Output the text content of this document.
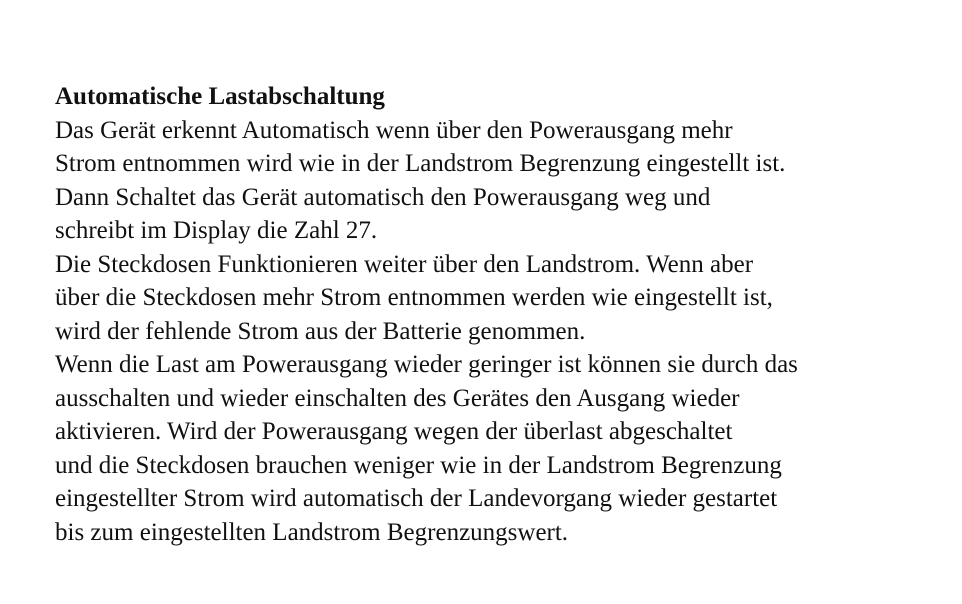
Automatische Lastabschaltung
Das Gerät erkennt Automatisch wenn über den Powerausgang mehr
Strom entnommen wird wie in der Landstrom Begrenzung eingestellt ist.
Dann Schaltet das Gerät automatisch den Powerausgang weg und
schreibt im Display die Zahl 27.
Die Steckdosen Funktionieren weiter über den Landstrom. Wenn aber
über die Steckdosen mehr Strom entnommen werden wie eingestellt ist,
wird der fehlende Strom aus der Batterie genommen.
Wenn die Last am Powerausgang wieder geringer ist können sie durch das
ausschalten und wieder einschalten des Gerätes den Ausgang wieder
aktivieren. Wird der Powerausgang wegen der überlast abgeschaltet
und die Steckdosen brauchen weniger wie in der Landstrom Begrenzung
eingestellter Strom wird automatisch der Landevorgang wieder gestartet
bis zum eingestellten Landstrom Begrenzungswert.
